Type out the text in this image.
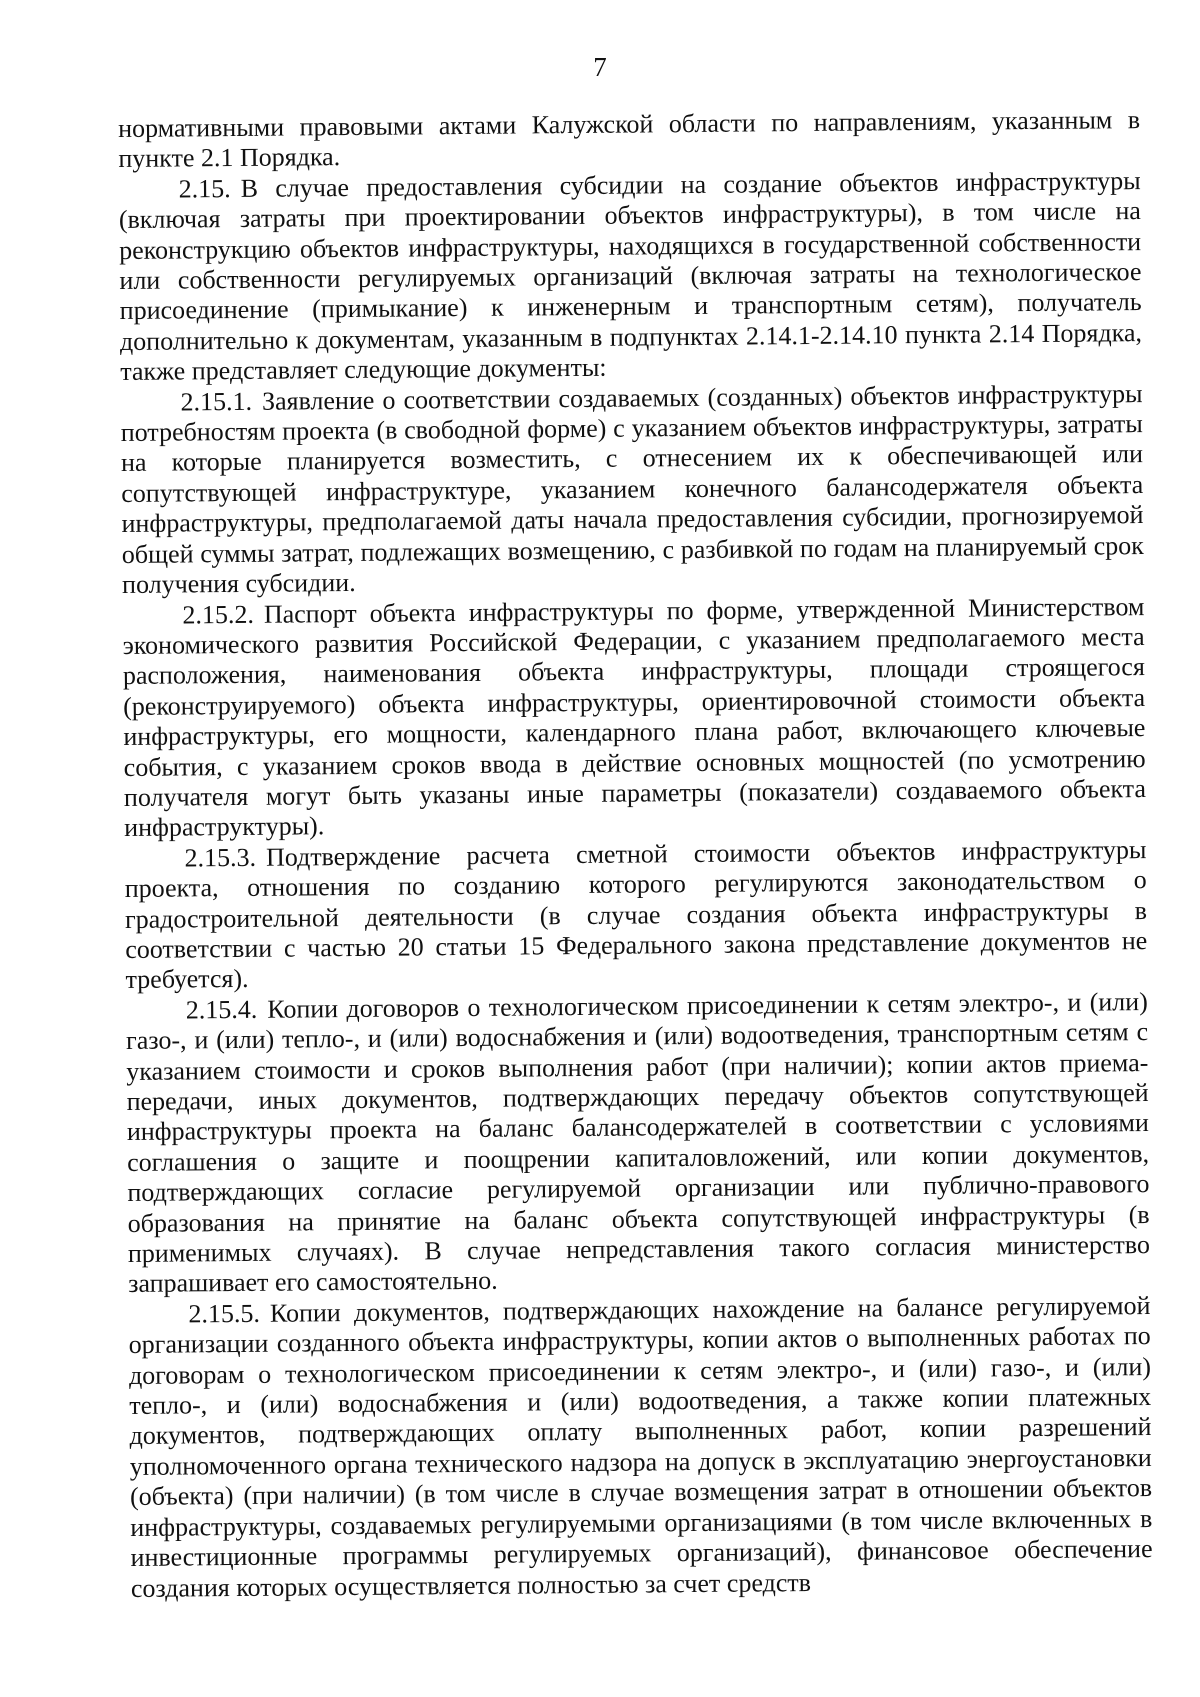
7

нормативными правовыми актами Калужской области по направлениям, указанным в пункте 2.1 Порядка.

2.15. В случае предоставления субсидии на создание объектов инфраструктуры (включая затраты при проектировании объектов инфраструктуры), в том числе на реконструкцию объектов инфраструктуры, находящихся в государственной собственности или собственности регулируемых организаций (включая затраты на технологическое присоединение (примыкание) к инженерным и транспортным сетям), получатель дополнительно к документам, указанным в подпунктах 2.14.1-2.14.10 пункта 2.14 Порядка, также представляет следующие документы:

2.15.1. Заявление о соответствии создаваемых (созданных) объектов инфраструктуры потребностям проекта (в свободной форме) с указанием объектов инфраструктуры, затраты на которые планируется возместить, с отнесением их к обеспечивающей или сопутствующей инфраструктуре, указанием конечного балансодержателя объекта инфраструктуры, предполагаемой даты начала предоставления субсидии, прогнозируемой общей суммы затрат, подлежащих возмещению, с разбивкой по годам на планируемый срок получения субсидии.

2.15.2. Паспорт объекта инфраструктуры по форме, утвержденной Министерством экономического развития Российской Федерации, с указанием предполагаемого места расположения, наименования объекта инфраструктуры, площади строящегося (реконструируемого) объекта инфраструктуры, ориентировочной стоимости объекта инфраструктуры, его мощности, календарного плана работ, включающего ключевые события, с указанием сроков ввода в действие основных мощностей (по усмотрению получателя могут быть указаны иные параметры (показатели) создаваемого объекта инфраструктуры).

2.15.3. Подтверждение расчета сметной стоимости объектов инфраструктуры проекта, отношения по созданию которого регулируются законодательством о градостроительной деятельности (в случае создания объекта инфраструктуры в соответствии с частью 20 статьи 15 Федерального закона представление документов не требуется).

2.15.4. Копии договоров о технологическом присоединении к сетям электро-, и (или) газо-, и (или) тепло-, и (или) водоснабжения и (или) водоотведения, транспортным сетям с указанием стоимости и сроков выполнения работ (при наличии); копии актов приема-передачи, иных документов, подтверждающих передачу объектов сопутствующей инфраструктуры проекта на баланс балансодержателей в соответствии с условиями соглашения о защите и поощрении капиталовложений, или копии документов, подтверждающих согласие регулируемой организации или публично-правового образования на принятие на баланс объекта сопутствующей инфраструктуры (в применимых случаях). В случае непредставления такого согласия министерство запрашивает его самостоятельно.

2.15.5. Копии документов, подтверждающих нахождение на балансе регулируемой организации созданного объекта инфраструктуры, копии актов о выполненных работах по договорам о технологическом присоединении к сетям электро-, и (или) газо-, и (или) тепло-, и (или) водоснабжения и (или) водоотведения, а также копии платежных документов, подтверждающих оплату выполненных работ, копии разрешений уполномоченного органа технического надзора на допуск в эксплуатацию энергоустановки (объекта) (при наличии) (в том числе в случае возмещения затрат в отношении объектов инфраструктуры, создаваемых регулируемыми организациями (в том числе включенных в инвестиционные программы регулируемых организаций), финансовое обеспечение создания которых осуществляется полностью за счет средств
